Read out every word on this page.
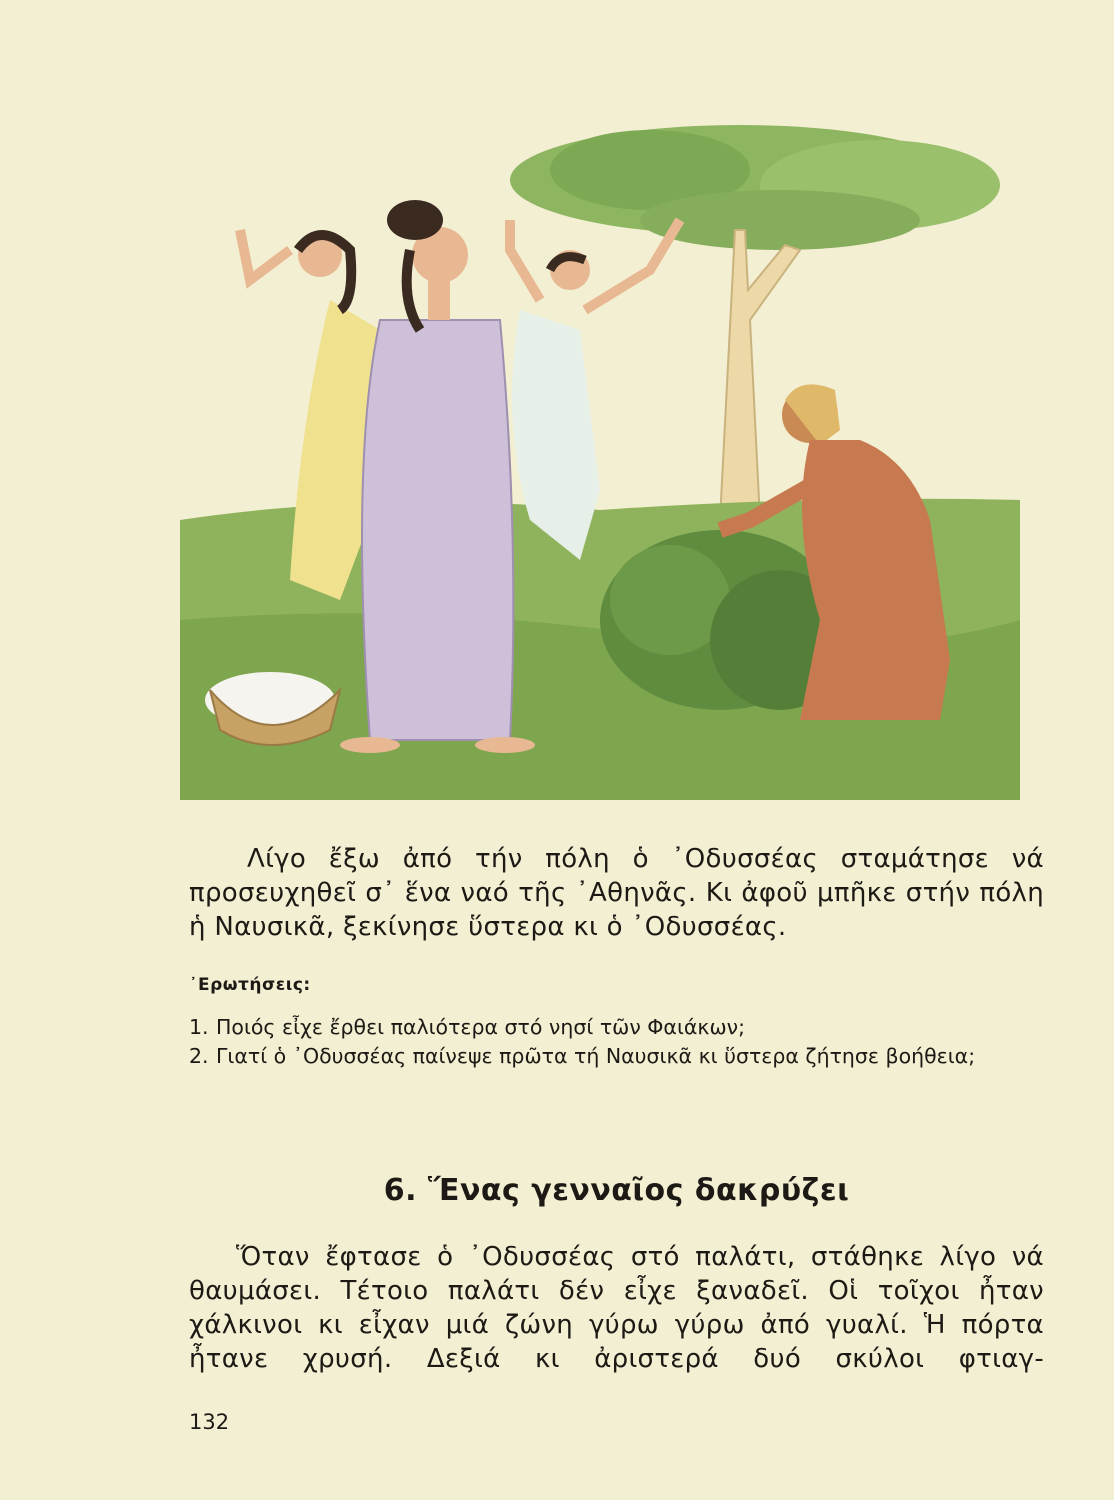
Λίγο ἔξω ἀπό τήν πόλη ὁ ᾿Οδυσσέας σταμάτησε νά προσευχηθεῖ σ᾿ ἕνα ναό τῆς ᾿Αθηνᾶς. Κι ἀφοῦ μπῆκε στήν πόλη ἡ Ναυσικᾶ, ξεκίνησε ὕστερα κι ὁ ᾿Οδυσσέας.

᾿Ερωτήσεις:
1. Ποιός εἶχε ἔρθει παλιότερα στό νησί τῶν Φαιάκων;
2. Γιατί ὁ ᾿Οδυσσέας παίνεψε πρῶτα τή Ναυσικᾶ κι ὕστερα ζήτησε βοήθεια;
6. Ἕνας γενναῖος δακρύζει

Ὅταν ἔφτασε ὁ ᾿Οδυσσέας στό παλάτι, στάθηκε λίγο νά θαυμάσει. Τέτοιο παλάτι δέν εἶχε ξαναδεῖ. Οἱ τοῖχοι ἦταν χάλκινοι κι εἶχαν μιά ζώνη γύρω γύρω ἀπό γυαλί. Ἡ πόρτα ἦτανε χρυσή. Δεξιά κι ἀριστερά δυό σκύλοι φτιαγ-

132
